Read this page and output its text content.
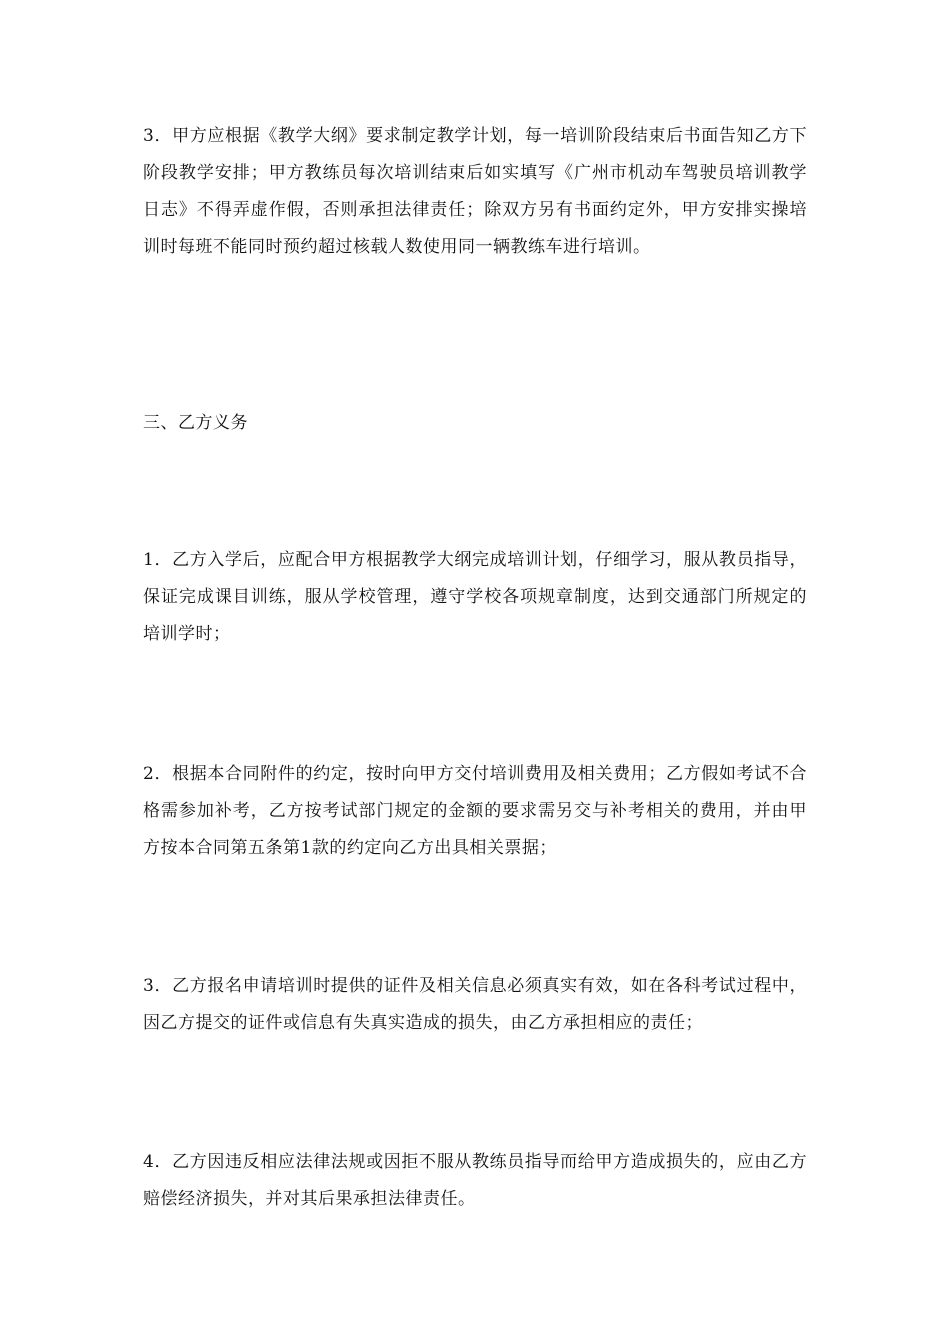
3．甲方应根据《教学大纲》要求制定教学计划，每一培训阶段结束后书面告知乙方下阶段教学安排；甲方教练员每次培训结束后如实填写《广州市机动车驾驶员培训教学日志》不得弄虚作假，否则承担法律责任；除双方另有书面约定外，甲方安排实操培训时每班不能同时预约超过核载人数使用同一辆教练车进行培训。

三、乙方义务

1．乙方入学后，应配合甲方根据教学大纲完成培训计划，仔细学习，服从教员指导，保证完成课目训练，服从学校管理，遵守学校各项规章制度，达到交通部门所规定的培训学时；

2．根据本合同附件的约定，按时向甲方交付培训费用及相关费用；乙方假如考试不合格需参加补考，乙方按考试部门规定的金额的要求需另交与补考相关的费用，并由甲方按本合同第五条第1款的约定向乙方出具相关票据；

3．乙方报名申请培训时提供的证件及相关信息必须真实有效，如在各科考试过程中，因乙方提交的证件或信息有失真实造成的损失，由乙方承担相应的责任；

4．乙方因违反相应法律法规或因拒不服从教练员指导而给甲方造成损失的，应由乙方赔偿经济损失，并对其后果承担法律责任。
